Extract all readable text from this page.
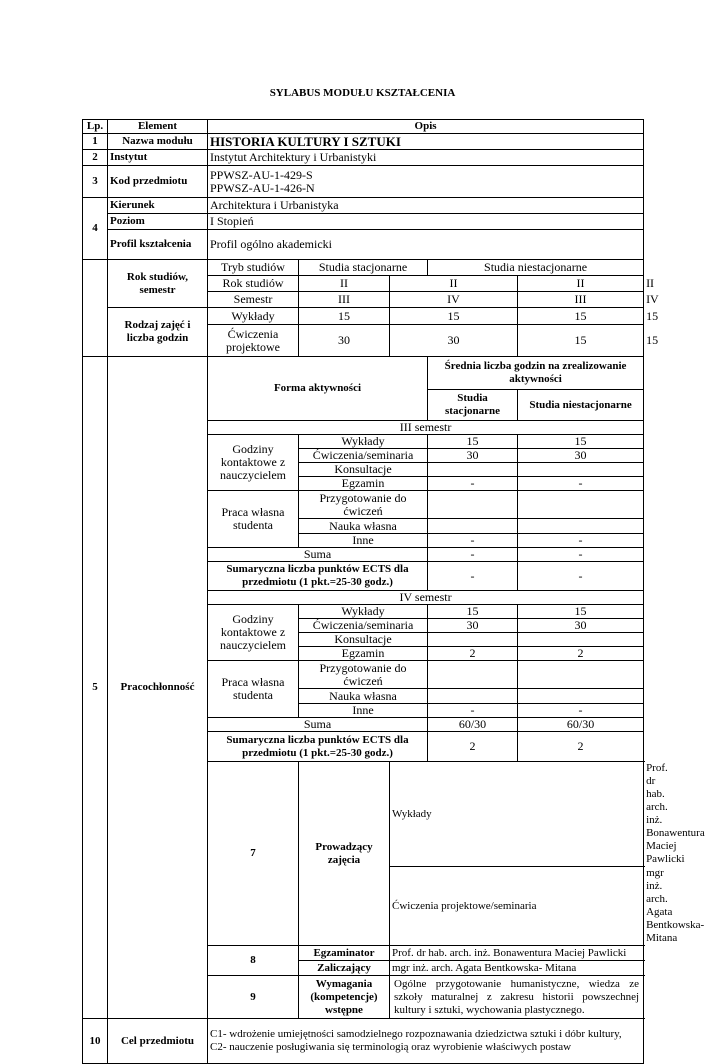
SYLABUS MODUŁU KSZTAŁCENIA
Lp.	Element	Opis					
1	Nazwa modułu	HISTORIA KULTURY I SZTUKI					
2	Instytut	Instytut Architektury i Urbanistyki					
3	Kod przedmiotu	PPWSZ-AU-1-429-S
PPWSZ-AU-1-426-N					

4	Kierunek	Architektura i Urbanistyka					
	Poziom	I Stopień					
	Profil kształcenia	Profil ogólno akademicki					
	Rok studiów, semestr	Tryb studiów	Studia stacjonarne		Studia niestacjonarne		
		Rok studiów	II	II		II	II
		Semestr	III	IV		III	IV
	Rodzaj zajęć i liczba godzin	Wykłady	15	15		15	15
		Ćwiczenia projektowe	30	30		15	15
5	Pracochłonność	Forma aktywności			Średnia liczba godzin na zrealizowanie aktywności		
					Studia stacjonarne	Studia niestacjonarne	
		III semestr					
		Godziny kontaktowe z nauczycielem	Wykłady		15	15	
			Ćwiczenia/seminaria		30	30	
			Konsultacje				
			Egzamin		-	-	
		Praca własna studenta	Przygotowanie do ćwiczeń				
			Nauka własna				
			Inne		-	-	
		Suma			-	-	
		Sumaryczna liczba punktów ECTS dla przedmiotu (1 pkt.=25-30 godz.)			-	-	
		IV semestr					
		Godziny kontaktowe z nauczycielem	Wykłady		15	15	
			Ćwiczenia/seminaria		30	30	
			Konsultacje				
			Egzamin		2	2	
		Praca własna studenta	Przygotowanie do ćwiczeń				
			Nauka własna				
			Inne		-	-	
		Suma			60/30	60/30	
		Sumaryczna liczba punktów ECTS dla przedmiotu (1 pkt.=25-30 godz.)			2	2	
		7	Prowadzący zajęcia	Wykłady			Prof. dr hab. arch. inż. Bonawentura Maciej Pawlicki
				Ćwiczenia projektowe/seminaria			mgr inż. arch. Agata Bentkowska- Mitana
		8	Egzaminator	Prof. dr hab. arch. inż. Bonawentura Maciej Pawlicki			
			Zaliczający	mgr inż. arch. Agata Bentkowska- Mitana			
		9	Wymagania (kompetencje) wstępne	Ogólne przygotowanie humanistyczne, wiedza ze szkoły maturalnej z zakresu historii powszechnej kultury i sztuki, wychowania plastycznego.			
10	Cel przedmiotu	C1- wdrożenie umiejętności samodzielnego rozpoznawania dziedzictwa sztuki i dóbr kultury,
C2- nauczenie posługiwania się terminologią oraz wyrobienie właściwych postaw					
